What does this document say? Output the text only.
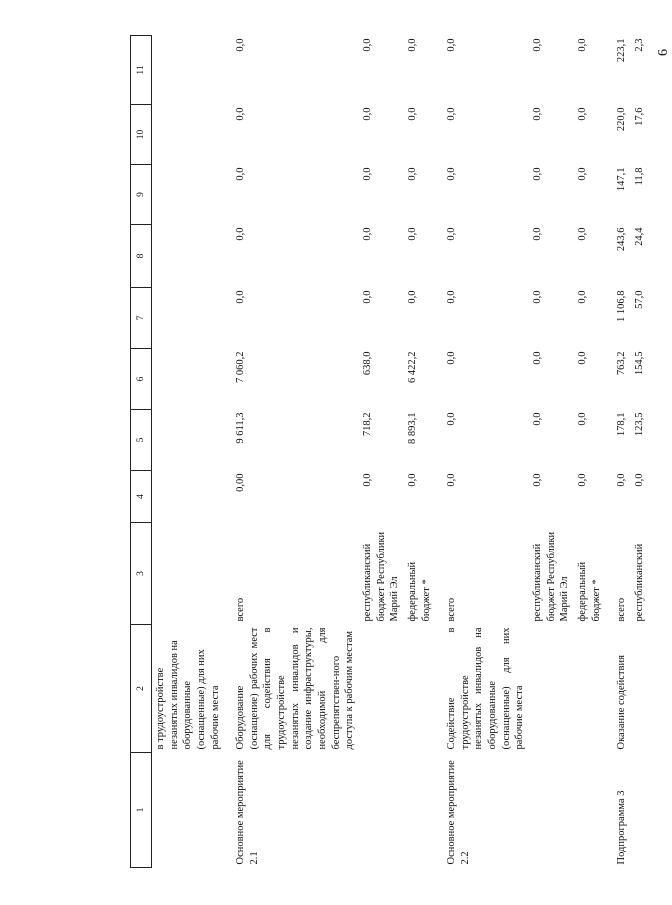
6
1	2	3	4	5	6	7	8	9	10	11
	в трудоустройстве незанятых инвалидов на оборудованные (оснащенные) для них рабочие места									
Основное мероприятие 2.1	Оборудование (оснащение) рабочих мест для содействия в трудоустройстве незанятых инвалидов и создание инфраструктуры, необходимой для беспрепятствен-ного доступа к рабочим местам	всего	0,00	9 611,3	7 060,2	0,0	0,0	0,0	0,0	0,0
		республиканский бюджет Республики Марий Эл	0,0	718,2	638,0	0,0	0,0	0,0	0,0	0,0
		федеральный бюджет *	0,0	8 893,1	6 422,2	0,0	0,0	0,0	0,0	0,0
Основное мероприятие 2.2	Содействие в трудоустройстве незанятых инвалидов на оборудованные (оснащенные) для них рабочие места	всего	0,0	0,0	0,0	0,0	0,0	0,0	0,0	0,0
		республиканский бюджет Республики Марий Эл	0,0	0,0	0,0	0,0	0,0	0,0	0,0	0,0
		федеральный бюджет *	0,0	0,0	0,0	0,0	0,0	0,0	0,0	0,0
Подпрограмма 3	Оказание содействия	всего	0,0	178,1	763,2	1 106,8	243,6	147,1	220,0	223,1
		республиканский	0,0	123,5	154,5	57,0	24,4	11,8	17,6	2,3
